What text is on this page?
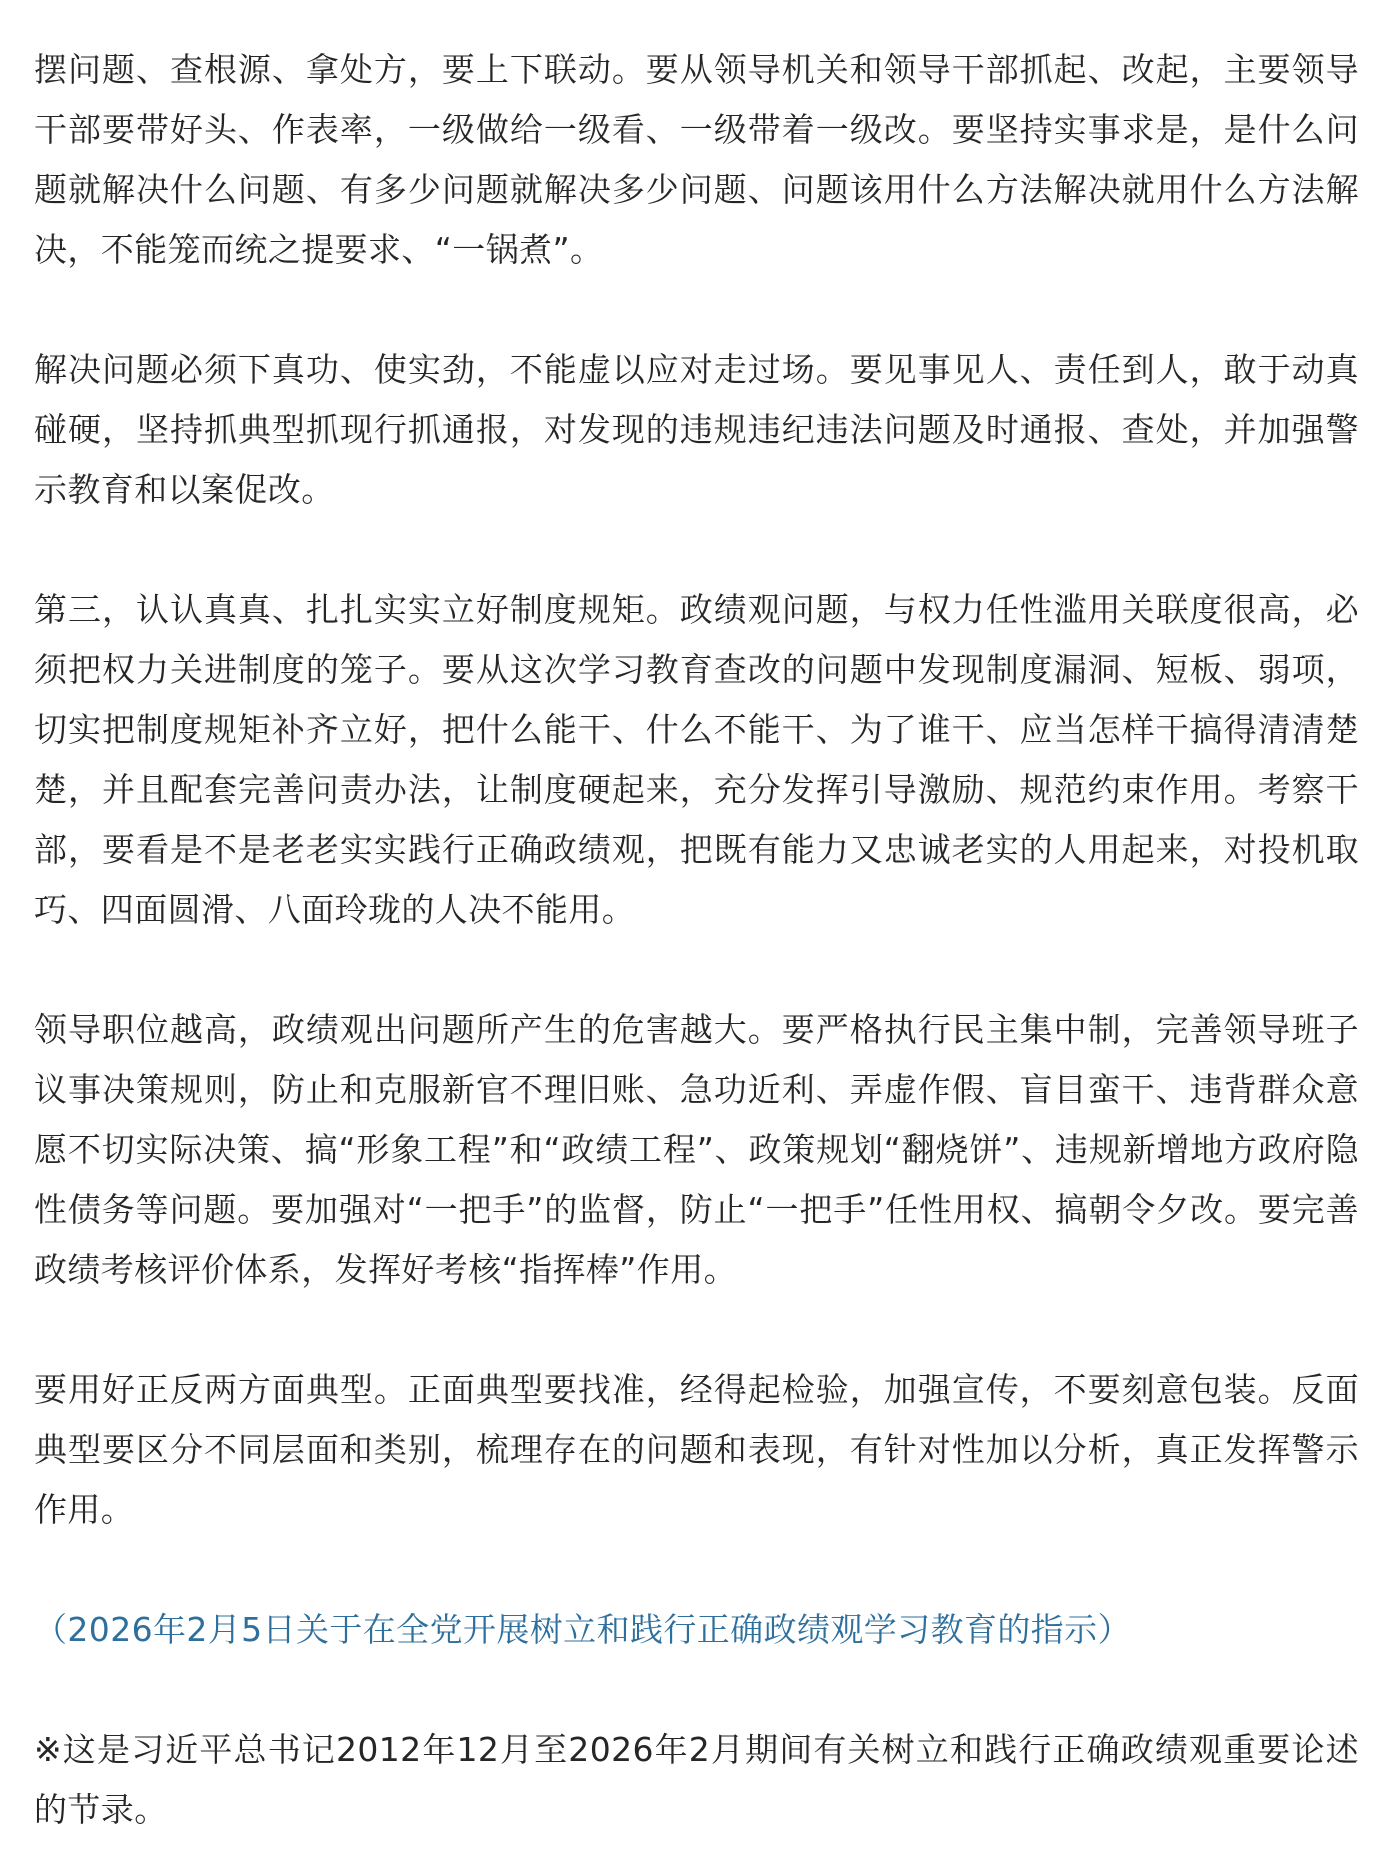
摆问题、查根源、拿处方，要上下联动。要从领导机关和领导干部抓起、改起，主要领导干部要带好头、作表率，一级做给一级看、一级带着一级改。要坚持实事求是，是什么问题就解决什么问题、有多少问题就解决多少问题、问题该用什么方法解决就用什么方法解决，不能笼而统之提要求、“一锅煮”。

解决问题必须下真功、使实劲，不能虚以应对走过场。要见事见人、责任到人，敢于动真碰硬，坚持抓典型抓现行抓通报，对发现的违规违纪违法问题及时通报、查处，并加强警示教育和以案促改。

第三，认认真真、扎扎实实立好制度规矩。政绩观问题，与权力任性滥用关联度很高，必须把权力关进制度的笼子。要从这次学习教育查改的问题中发现制度漏洞、短板、弱项，切实把制度规矩补齐立好，把什么能干、什么不能干、为了谁干、应当怎样干搞得清清楚楚，并且配套完善问责办法，让制度硬起来，充分发挥引导激励、规范约束作用。考察干部，要看是不是老老实实践行正确政绩观，把既有能力又忠诚老实的人用起来，对投机取巧、四面圆滑、八面玲珑的人决不能用。

领导职位越高，政绩观出问题所产生的危害越大。要严格执行民主集中制，完善领导班子议事决策规则，防止和克服新官不理旧账、急功近利、弄虚作假、盲目蛮干、违背群众意愿不切实际决策、搞“形象工程”和“政绩工程”、政策规划“翻烧饼”、违规新增地方政府隐性债务等问题。要加强对“一把手”的监督，防止“一把手”任性用权、搞朝令夕改。要完善政绩考核评价体系，发挥好考核“指挥棒”作用。

要用好正反两方面典型。正面典型要找准，经得起检验，加强宣传，不要刻意包装。反面典型要区分不同层面和类别，梳理存在的问题和表现，有针对性加以分析，真正发挥警示作用。

（2026年2月5日关于在全党开展树立和践行正确政绩观学习教育的指示）

※这是习近平总书记2012年12月至2026年2月期间有关树立和践行正确政绩观重要论述的节录。
